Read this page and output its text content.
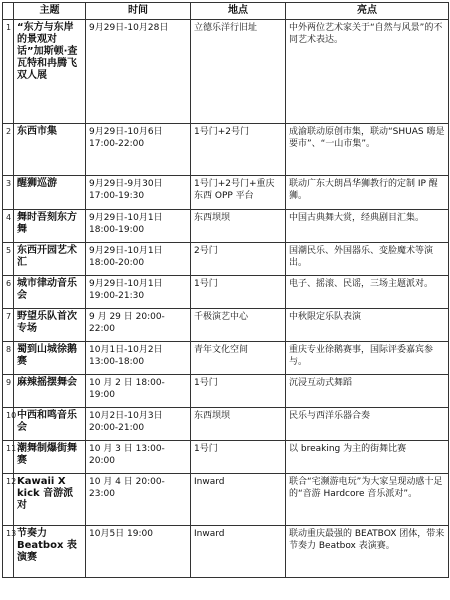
	主题	时间	地点	亮点
1	“东方与东岸的景观对话”加斯顿·查瓦特和冉腾飞双人展	9月29日-10月28日	立德乐洋行旧址	中外两位艺术家关于“自然与风景”的不同艺术表达。
2	东西市集	9月29日-10月6日 17:00-22:00	1号门+2号门	成渝联动原创市集，联动“SHUAS 嗨是要市”、“一山市集”。
3	醒狮巡游	9月29日-9月30日 17:00-19:30	1号门+2号门+重庆东西 OPP 平台	联动广东大朗昌华狮教行的定制 IP 醒狮。
4	舞时吾刻东方舞	9月29日-10月1日 18:00-19:00	东西坝坝	中国古典舞大赏，经典剧目汇集。
5	东西开园艺术汇	9月29日-10月1日 18:00-20:00	2号门	国潮民乐、外国器乐、变脸魔术等演出。
6	城市律动音乐会	9月29日-10月1日 19:00-21:30	1号门	电子、摇滚、民谣，三场主题派对。
7	野望乐队首次专场	9 月 29 日 20:00-22:00	千极演艺中心	中秋限定乐队表演
8	蜀到山城徐鹅赛	10月1日-10月2日 13:00-18:00	青年文化空间	重庆专业徐鹅赛事，国际评委嘉宾参与。
9	麻辣摇摆舞会	10 月 2 日 18:00-19:00	1号门	沉浸互动式舞蹈
10	中西和鸣音乐会	10月2日-10月3日 20:00-21:00	东西坝坝	民乐与西洋乐器合奏
11	潮舞制爆街舞赛	10 月 3 日 13:00-20:00	1号门	以 breaking 为主的街舞比赛
12	Kawaii X kick 音游派对	10 月 4 日 20:00-23:00	Inward	联合“宅濒游电玩”为大家呈现动感十足的“音游 Hardcore 音乐派对”。
13	节奏力 Beatbox 表演赛	10月5日 19:00	Inward	联动重庆最强的 BEATBOX 团体，带来节奏力 Beatbox 表演赛。
